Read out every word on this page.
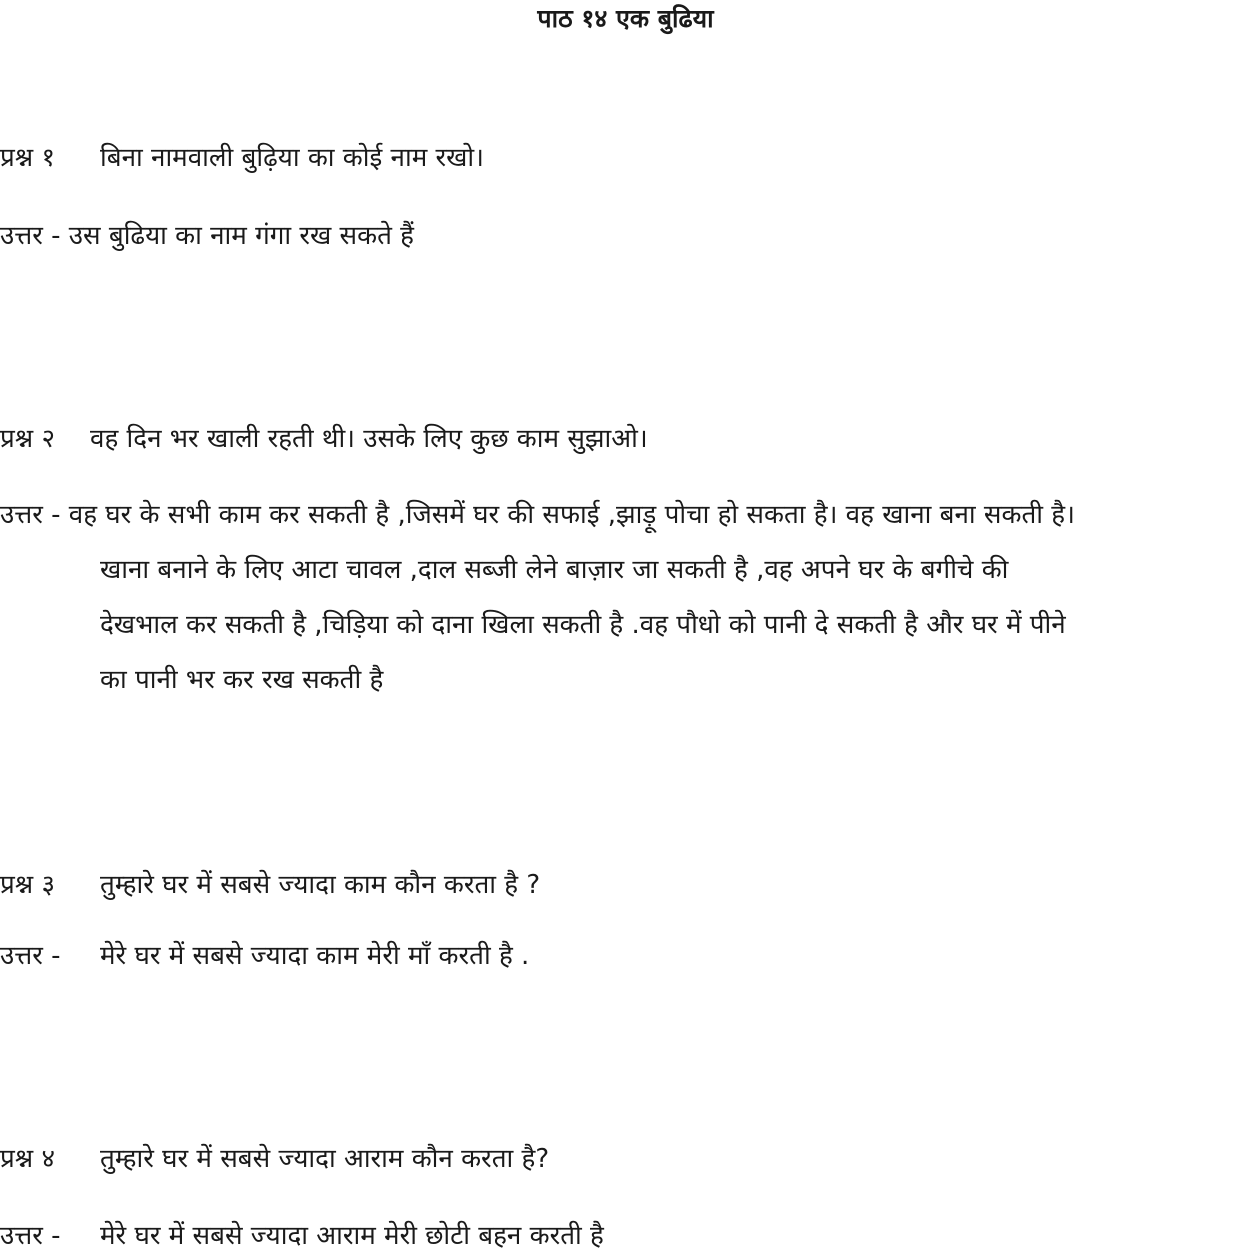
पाठ १४ एक बुढिया
प्रश्न १ बिना नामवाली बुढ़िया का कोई नाम रखो।
उत्तर - उस बुढिया का नाम गंगा रख सकते हैं
प्रश्न २ वह दिन भर खाली रहती थी। उसके लिए कुछ काम सुझाओ।
उत्तर - वह घर के सभी काम कर सकती है ,जिसमें घर की सफाई ,झाड़ू पोचा हो सकता है। वह खाना बना सकती है।
खाना बनाने के लिए आटा चावल ,दाल सब्जी लेने बाज़ार जा सकती है ,वह अपने घर के बगीचे की
देखभाल कर सकती है ,चिड़िया को दाना खिला सकती है .वह पौधो को पानी दे सकती है और घर में पीने
का पानी भर कर रख सकती है
प्रश्न ३ तुम्हारे घर में सबसे ज्यादा काम कौन करता है ?
उत्तर - मेरे घर में सबसे ज्यादा काम मेरी माँ करती है .
प्रश्न ४ तुम्हारे घर में सबसे ज्यादा आराम कौन करता है?
उत्तर - मेरे घर में सबसे ज्यादा आराम मेरी छोटी बहन करती है
